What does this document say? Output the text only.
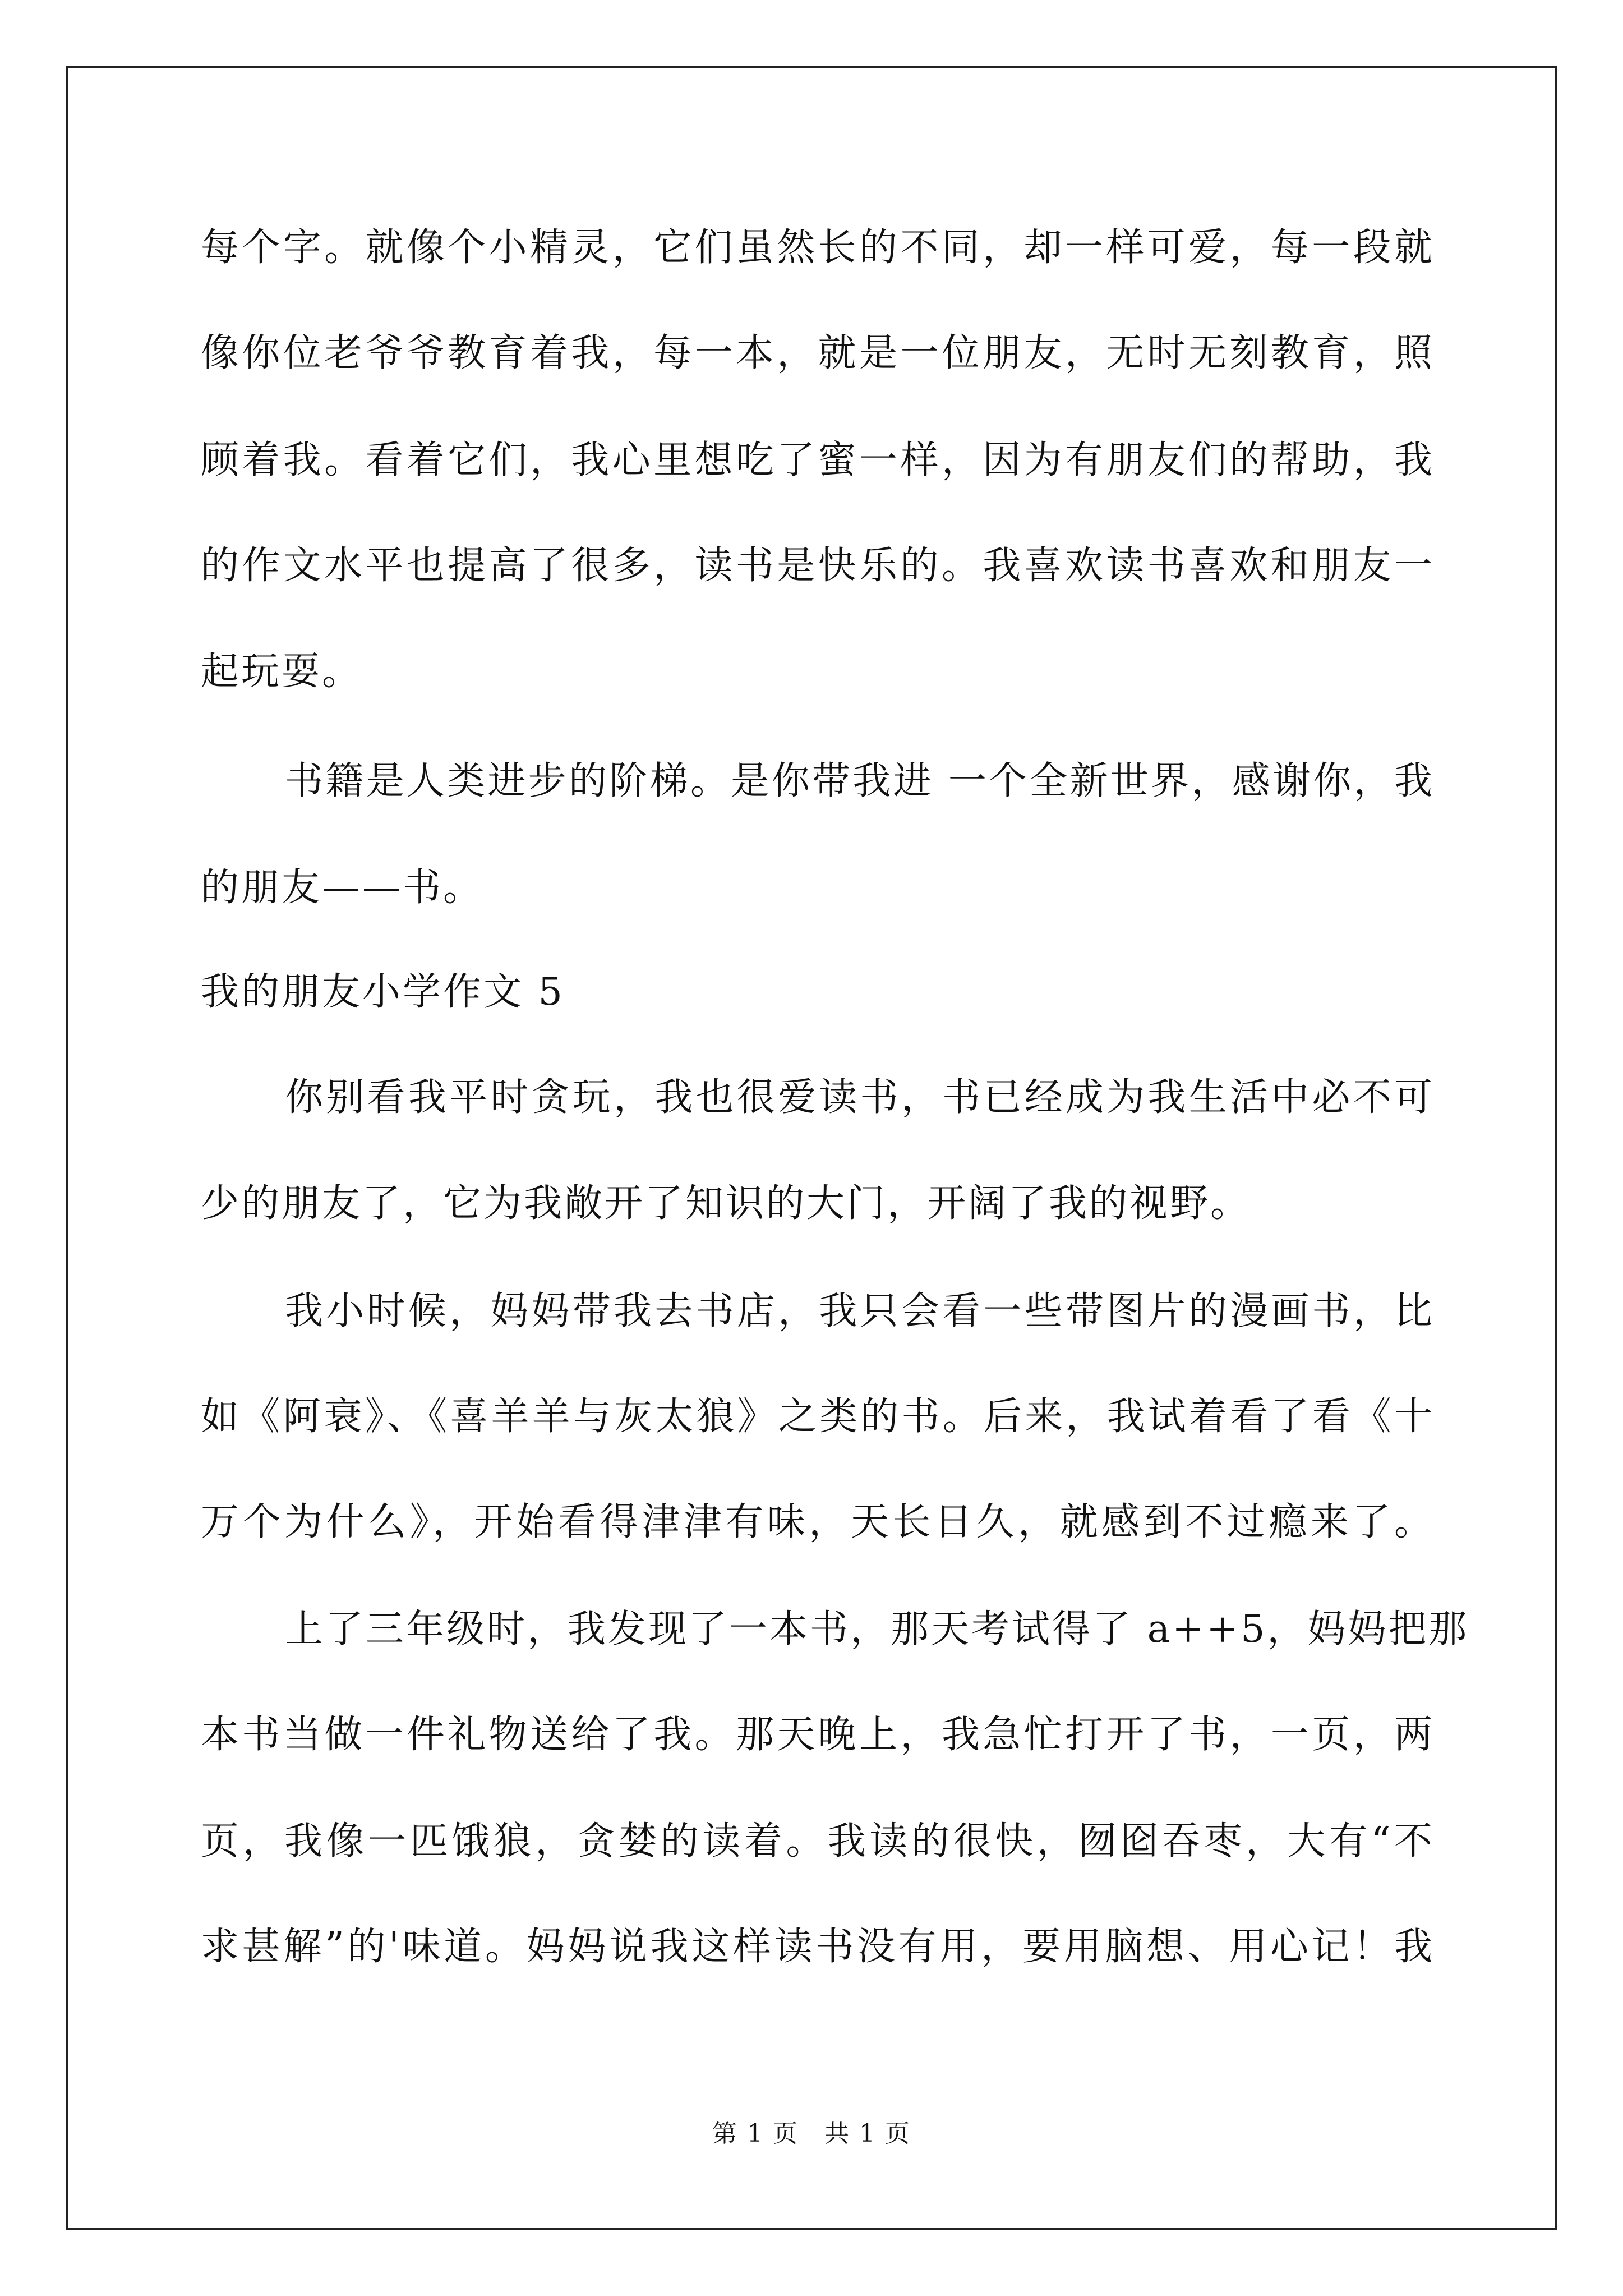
每个字。就像个小精灵，它们虽然长的不同，却一样可爱，每一段就
像你位老爷爷教育着我，每一本，就是一位朋友，无时无刻教育，照
顾着我。看着它们，我心里想吃了蜜一样，因为有朋友们的帮助，我
的作文水平也提高了很多，读书是快乐的。我喜欢读书喜欢和朋友一
起玩耍。
书籍是人类进步的阶梯。是你带我进 一个全新世界，感谢你，我
的朋友——书。
我的朋友小学作文 5
你别看我平时贪玩，我也很爱读书，书已经成为我生活中必不可
少的朋友了，它为我敞开了知识的大门，开阔了我的视野。
我小时候，妈妈带我去书店，我只会看一些带图片的漫画书，比
如《阿衰》、《喜羊羊与灰太狼》之类的书。后来，我试着看了看《十
万个为什么》，开始看得津津有味，天长日久，就感到不过瘾来了。
上了三年级时，我发现了一本书，那天考试得了 a++5，妈妈把那
本书当做一件礼物送给了我。那天晚上，我急忙打开了书，一页，两
页，我像一匹饿狼，贪婪的读着。我读的很快，囫囵吞枣，大有“不
求甚解”的'味道。妈妈说我这样读书没有用，要用脑想、用心记！我
第 1 页　共 1 页
